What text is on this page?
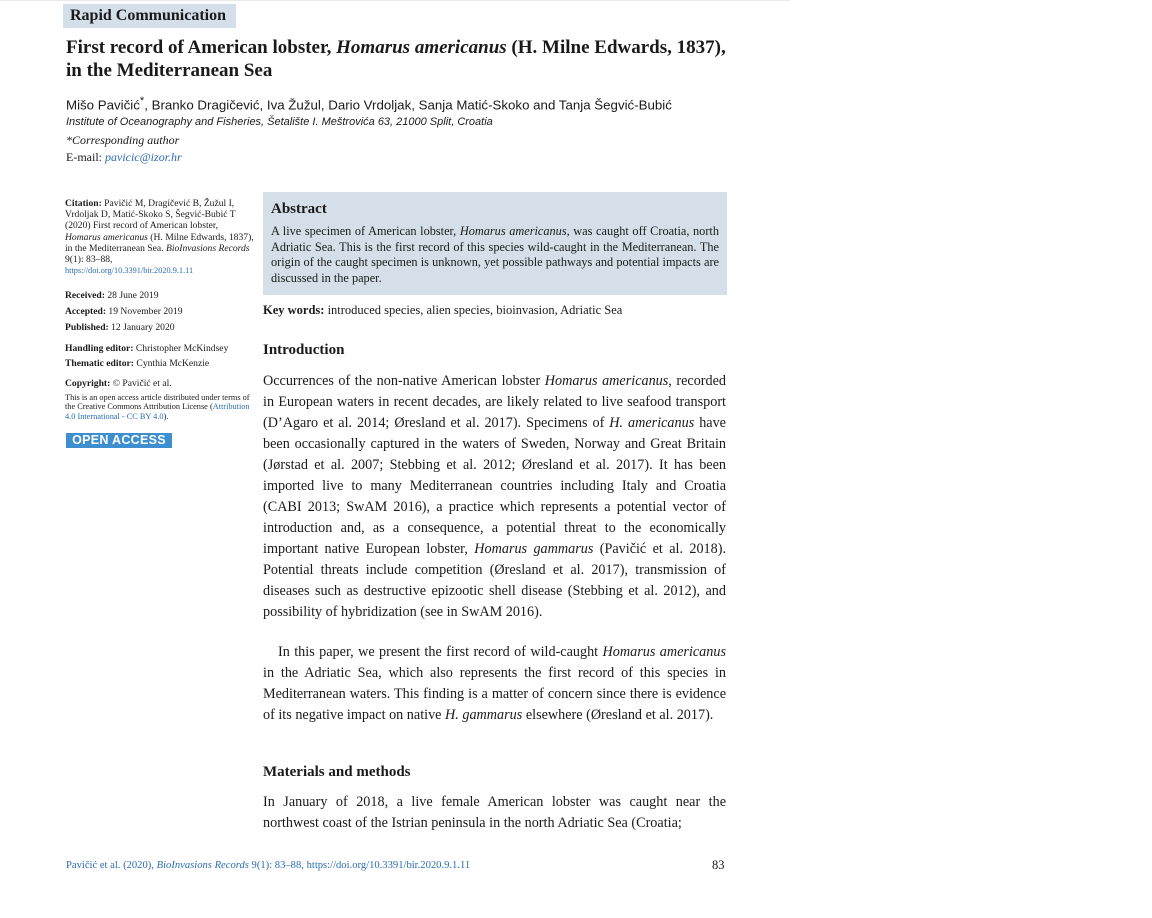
Rapid Communication
First record of American lobster, Homarus americanus (H. Milne Edwards, 1837), in the Mediterranean Sea
Mišo Pavičić*, Branko Dragičević, Iva Žužul, Dario Vrdoljak, Sanja Matić-Skoko and Tanja Šegvić-Bubić
Institute of Oceanography and Fisheries, Šetalište I. Meštrovića 63, 21000 Split, Croatia
*Corresponding author
E-mail: pavicic@izor.hr
Citation: Pavičić M, Dragičević B, Žužul I, Vrdoljak D, Matić-Skoko S, Šegvić-Bubić T (2020) First record of American lobster, Homarus americanus (H. Milne Edwards, 1837), in the Mediterranean Sea. BioInvasions Records 9(1): 83–88,
https://doi.org/10.3391/bir.2020.9.1.11
Received: 28 June 2019
Accepted: 19 November 2019
Published: 12 January 2020
Handling editor: Christopher McKindsey
Thematic editor: Cynthia McKenzie
Copyright: © Pavičić et al.
This is an open access article distributed under terms of the Creative Commons Attribution License (Attribution 4.0 International - CC BY 4.0).
OPEN ACCESS
Abstract

A live specimen of American lobster, Homarus americanus, was caught off Croatia, north Adriatic Sea. This is the first record of this species wild-caught in the Mediterranean. The origin of the caught specimen is unknown, yet possible pathways and potential impacts are discussed in the paper.

Key words: introduced species, alien species, bioinvasion, Adriatic Sea
Introduction

Occurrences of the non-native American lobster Homarus americanus, recorded in European waters in recent decades, are likely related to live seafood transport (D’Agaro et al. 2014; Øresland et al. 2017). Specimens of H. americanus have been occasionally captured in the waters of Sweden, Norway and Great Britain (Jørstad et al. 2007; Stebbing et al. 2012; Øresland et al. 2017). It has been imported live to many Mediterranean countries including Italy and Croatia (CABI 2013; SwAM 2016), a practice which represents a potential vector of introduction and, as a consequence, a potential threat to the economically important native European lobster, Homarus gammarus (Pavičić et al. 2018). Potential threats include competition (Øresland et al. 2017), transmission of diseases such as destructive epizootic shell disease (Stebbing et al. 2012), and possibility of hybridization (see in SwAM 2016).

In this paper, we present the first record of wild-caught Homarus americanus in the Adriatic Sea, which also represents the first record of this species in Mediterranean waters. This finding is a matter of concern since there is evidence of its negative impact on native H. gammarus elsewhere (Øresland et al. 2017).

Materials and methods

In January of 2018, a live female American lobster was caught near the northwest coast of the Istrian peninsula in the north Adriatic Sea (Croatia;

Pavičić et al. (2020), BioInvasions Records 9(1): 83–88, https://doi.org/10.3391/bir.2020.9.1.11	83
